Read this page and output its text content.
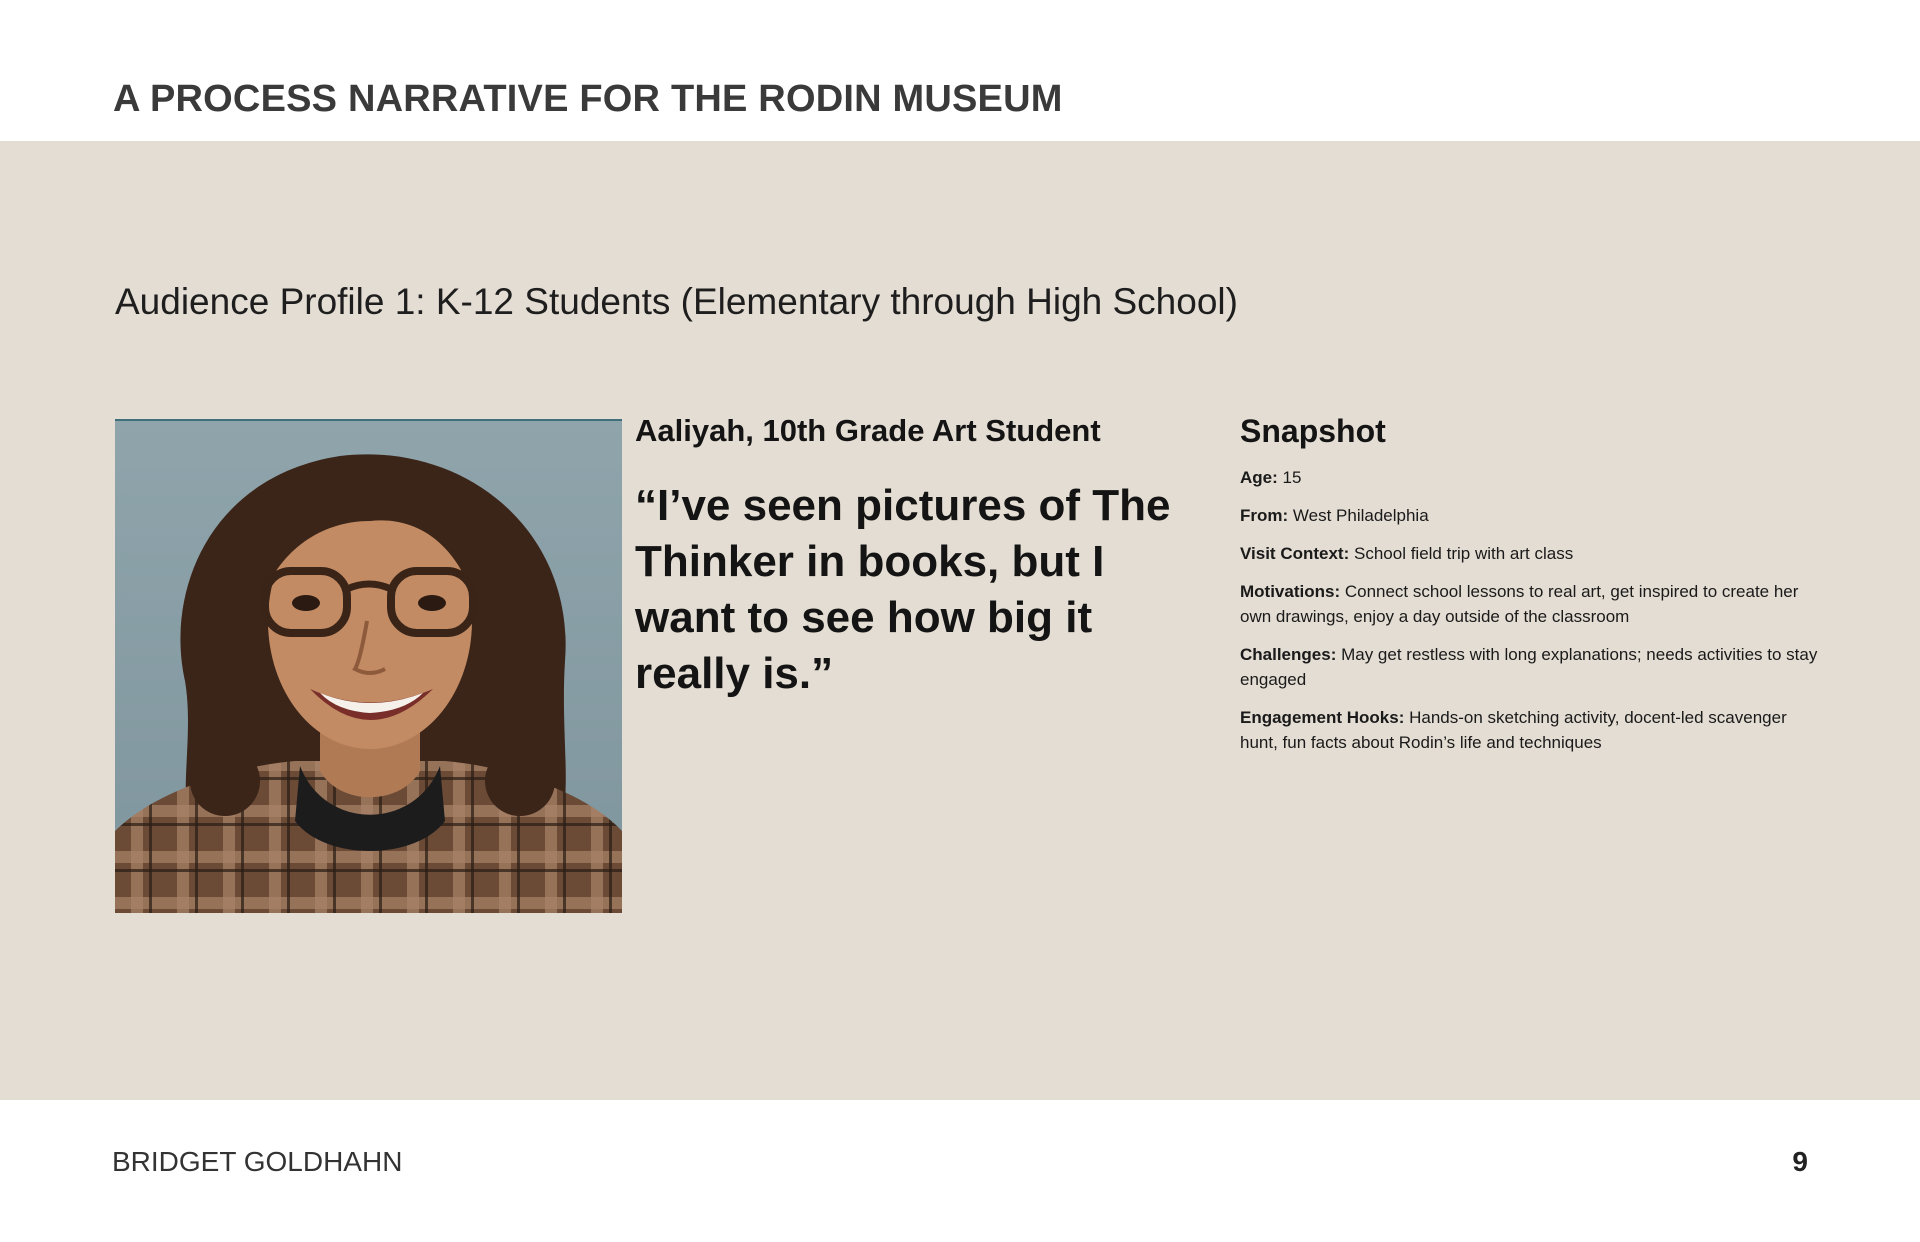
A PROCESS NARRATIVE FOR THE RODIN MUSEUM
Audience Profile 1: K-12 Students (Elementary through High School)
Aaliyah, 10th Grade Art Student
“I’ve seen pictures of The Thinker in books, but I want to see how big it really is.”
Snapshot
Age: 15
From: West Philadelphia
Visit Context: School field trip with art class
Motivations: Connect school lessons to real art, get inspired to create her own drawings, enjoy a day outside of the classroom
Challenges: May get restless with long explanations; needs activities to stay engaged
Engagement Hooks: Hands-on sketching activity, docent-led scavenger hunt, fun facts about Rodin’s life and techniques
BRIDGET GOLDHAHN	9
